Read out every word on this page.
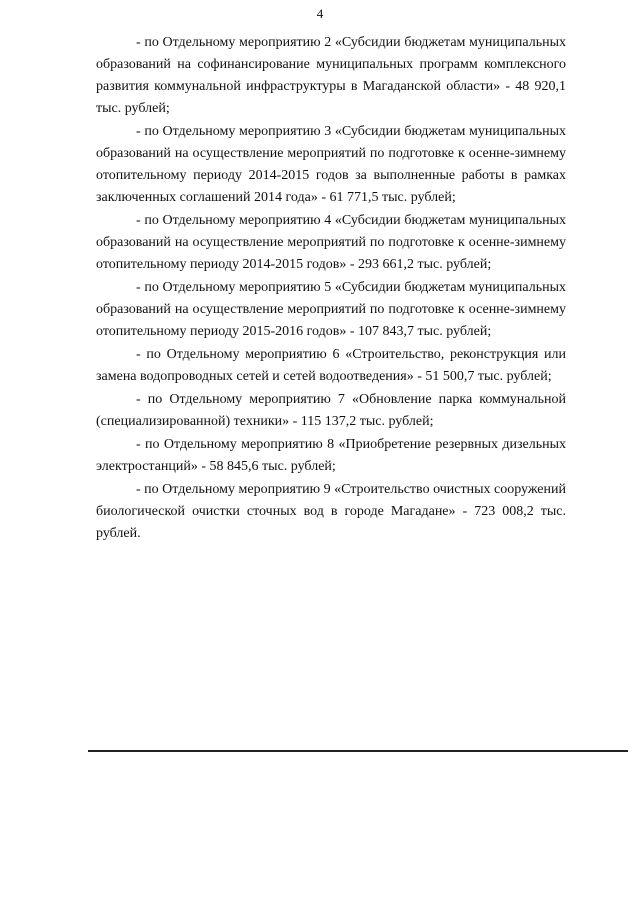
4

- по Отдельному мероприятию 2 «Субсидии бюджетам муниципальных образований на софинансирование муниципальных программ комплексного развития коммунальной инфраструктуры в Магаданской области» - 48 920,1 тыс. рублей;

- по Отдельному мероприятию 3 «Субсидии бюджетам муниципальных образований на осуществление мероприятий по подготовке к осенне-зимнему отопительному периоду 2014-2015 годов за выполненные работы в рамках заключенных соглашений 2014 года» - 61 771,5 тыс. рублей;

- по Отдельному мероприятию 4 «Субсидии бюджетам муниципальных образований на осуществление мероприятий по подготовке к осенне-зимнему отопительному периоду 2014-2015 годов» - 293 661,2 тыс. рублей;

- по Отдельному мероприятию 5 «Субсидии бюджетам муниципальных образований на осуществление мероприятий по подготовке к осенне-зимнему отопительному периоду 2015-2016 годов» - 107 843,7 тыс. рублей;

- по Отдельному мероприятию 6 «Строительство, реконструкция или замена водопроводных сетей и сетей водоотведения» - 51 500,7 тыс. рублей;

- по Отдельному мероприятию 7 «Обновление парка коммунальной (специализированной) техники» - 115 137,2 тыс. рублей;

- по Отдельному мероприятию 8 «Приобретение резервных дизельных электростанций» - 58 845,6 тыс. рублей;

- по Отдельному мероприятию 9 «Строительство очистных сооружений биологической очистки сточных вод в городе Магадане» - 723 008,2 тыс. рублей.
